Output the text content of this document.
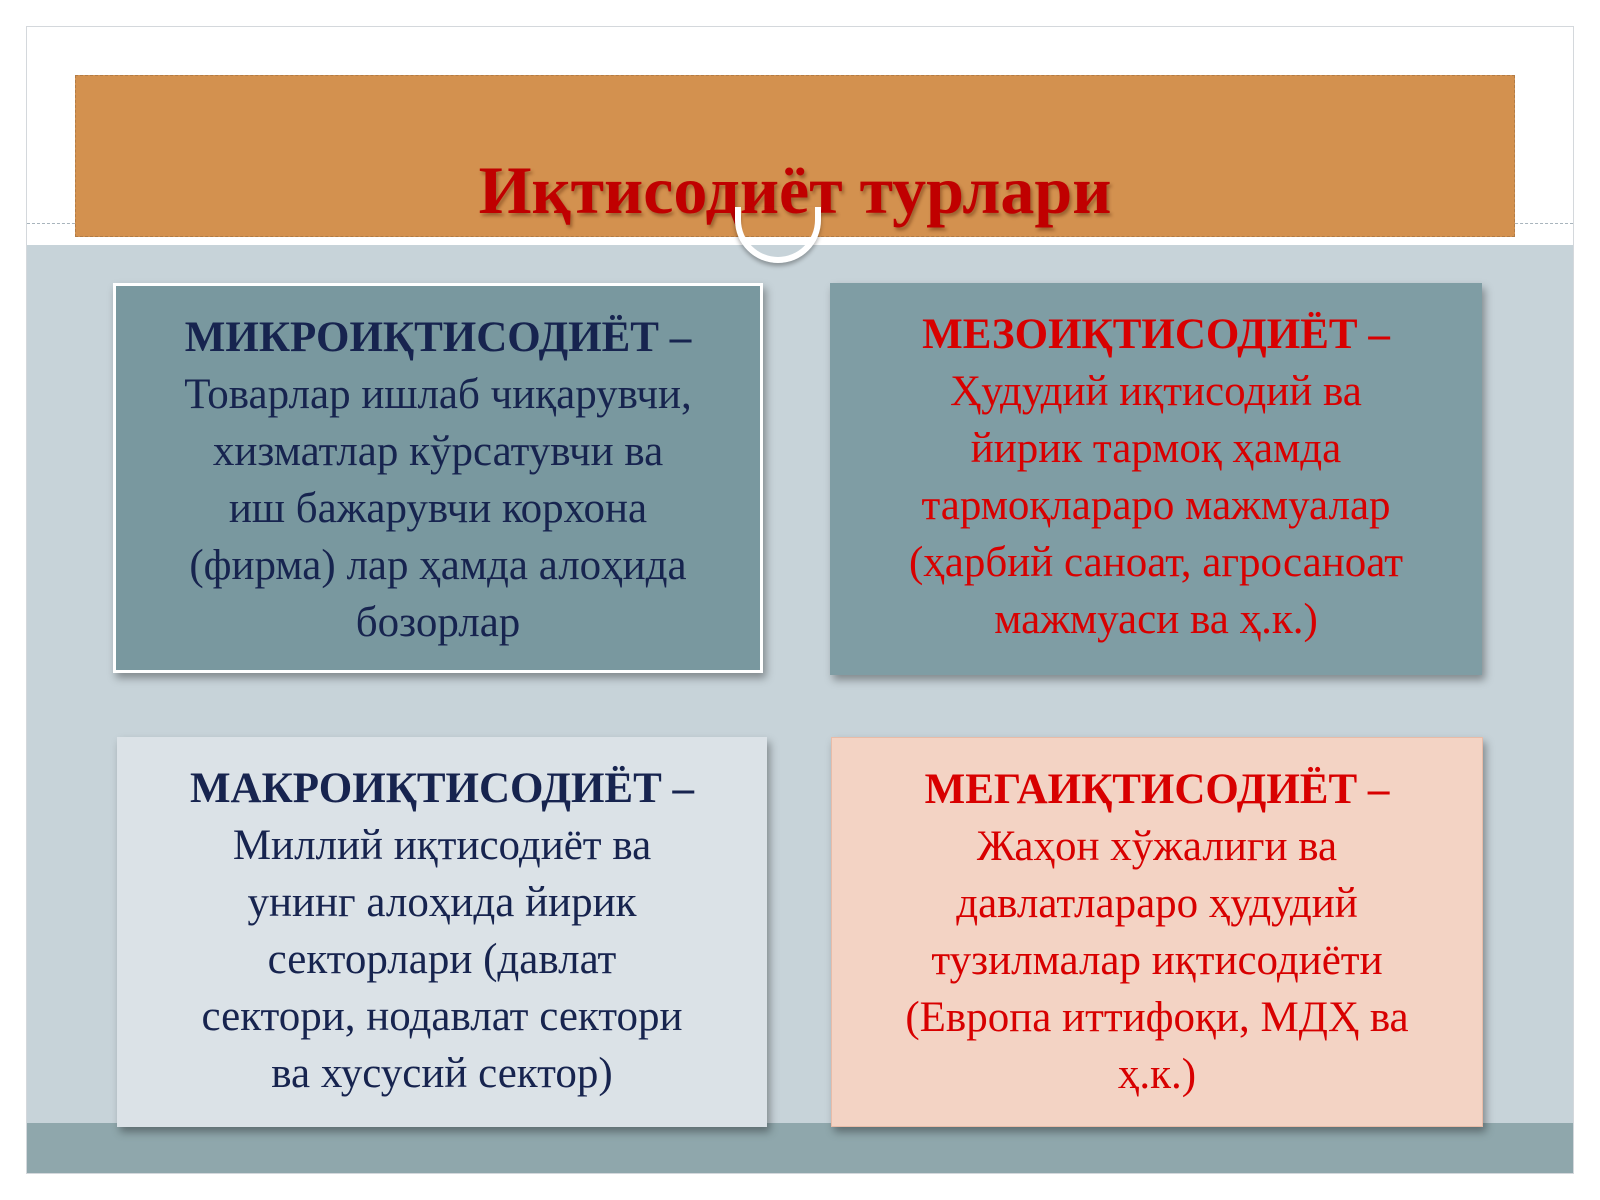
Иқтисодиёт турлари

МИКРОИҚТИСОДИЁТ –

Товарлар ишлаб чиқарувчи,

хизматлар кўрсатувчи ва

иш бажарувчи корхона

(фирма) лар ҳамда алоҳида

бозорлар

МЕЗОИҚТИСОДИЁТ –

Ҳудудий иқтисодий ва

йирик тармоқ ҳамда

тармоқлараро мажмуалар

(ҳарбий саноат, агросаноат

мажмуаси ва ҳ.к.)

МАКРОИҚТИСОДИЁТ –

Миллий иқтисодиёт ва

унинг алоҳида йирик

секторлари (давлат

сектори, нодавлат сектори

ва хусусий сектор)

МЕГАИҚТИСОДИЁТ –

Жаҳон хўжалиги ва

давлатлараро ҳудудий

тузилмалар иқтисодиёти

(Европа иттифоқи, МДҲ ва

ҳ.к.)
